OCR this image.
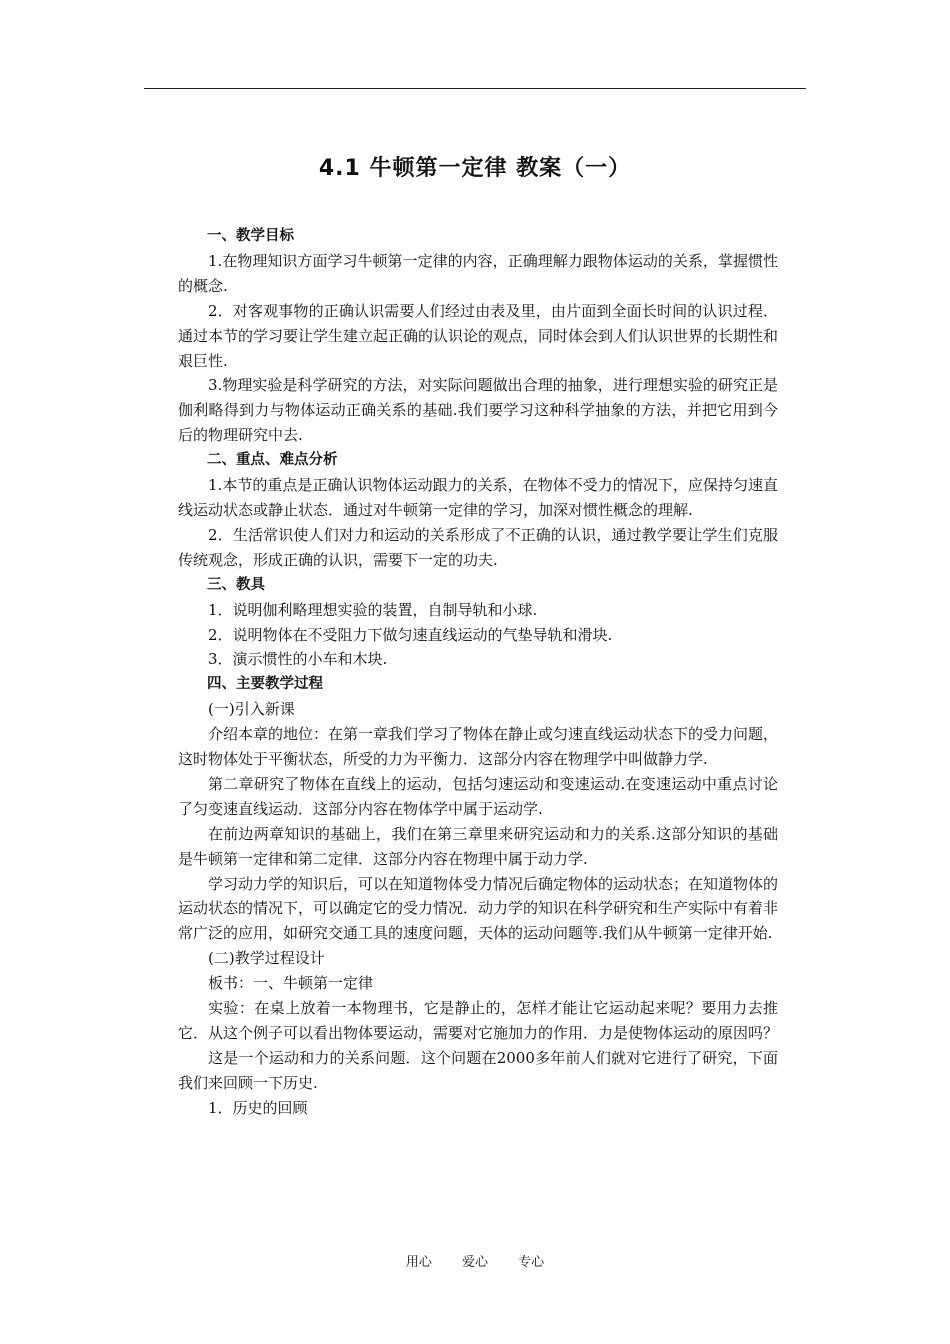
4.1 牛顿第一定律 教案（一）

一、教学目标

1.在物理知识方面学习牛顿第一定律的内容，正确理解力跟物体运动的关系，掌握惯性的概念.

2．对客观事物的正确认识需要人们经过由表及里，由片面到全面长时间的认识过程．通过本节的学习要让学生建立起正确的认识论的观点，同时体会到人们认识世界的长期性和艰巨性.

3.物理实验是科学研究的方法，对实际问题做出合理的抽象，进行理想实验的研究正是伽利略得到力与物体运动正确关系的基础.我们要学习这种科学抽象的方法，并把它用到今后的物理研究中去.

二、重点、难点分析

1.本节的重点是正确认识物体运动跟力的关系，在物体不受力的情况下，应保持匀速直线运动状态或静止状态．通过对牛顿第一定律的学习，加深对惯性概念的理解.

2．生活常识使人们对力和运动的关系形成了不正确的认识，通过教学要让学生们克服传统观念，形成正确的认识，需要下一定的功夫.

三、教具

1．说明伽利略理想实验的装置，自制导轨和小球.

2．说明物体在不受阻力下做匀速直线运动的气垫导轨和滑块.

3．演示惯性的小车和木块.

四、主要教学过程

(一)引入新课

介绍本章的地位：在第一章我们学习了物体在静止或匀速直线运动状态下的受力问题，这时物体处于平衡状态，所受的力为平衡力．这部分内容在物理学中叫做静力学.

第二章研究了物体在直线上的运动，包括匀速运动和变速运动.在变速运动中重点讨论了匀变速直线运动．这部分内容在物体学中属于运动学.

在前边两章知识的基础上，我们在第三章里来研究运动和力的关系.这部分知识的基础是牛顿第一定律和第二定律．这部分内容在物理中属于动力学.

学习动力学的知识后，可以在知道物体受力情况后确定物体的运动状态；在知道物体的运动状态的情况下，可以确定它的受力情况．动力学的知识在科学研究和生产实际中有着非常广泛的应用，如研究交通工具的速度问题，天体的运动问题等.我们从牛顿第一定律开始.

(二)教学过程设计

板书：一、牛顿第一定律

实验：在桌上放着一本物理书，它是静止的，怎样才能让它运动起来呢？要用力去推它．从这个例子可以看出物体要运动，需要对它施加力的作用．力是使物体运动的原因吗？

这是一个运动和力的关系问题．这个问题在2000多年前人们就对它进行了研究，下面我们来回顾一下历史.

1．历史的回顾

用心 爱心 专心
